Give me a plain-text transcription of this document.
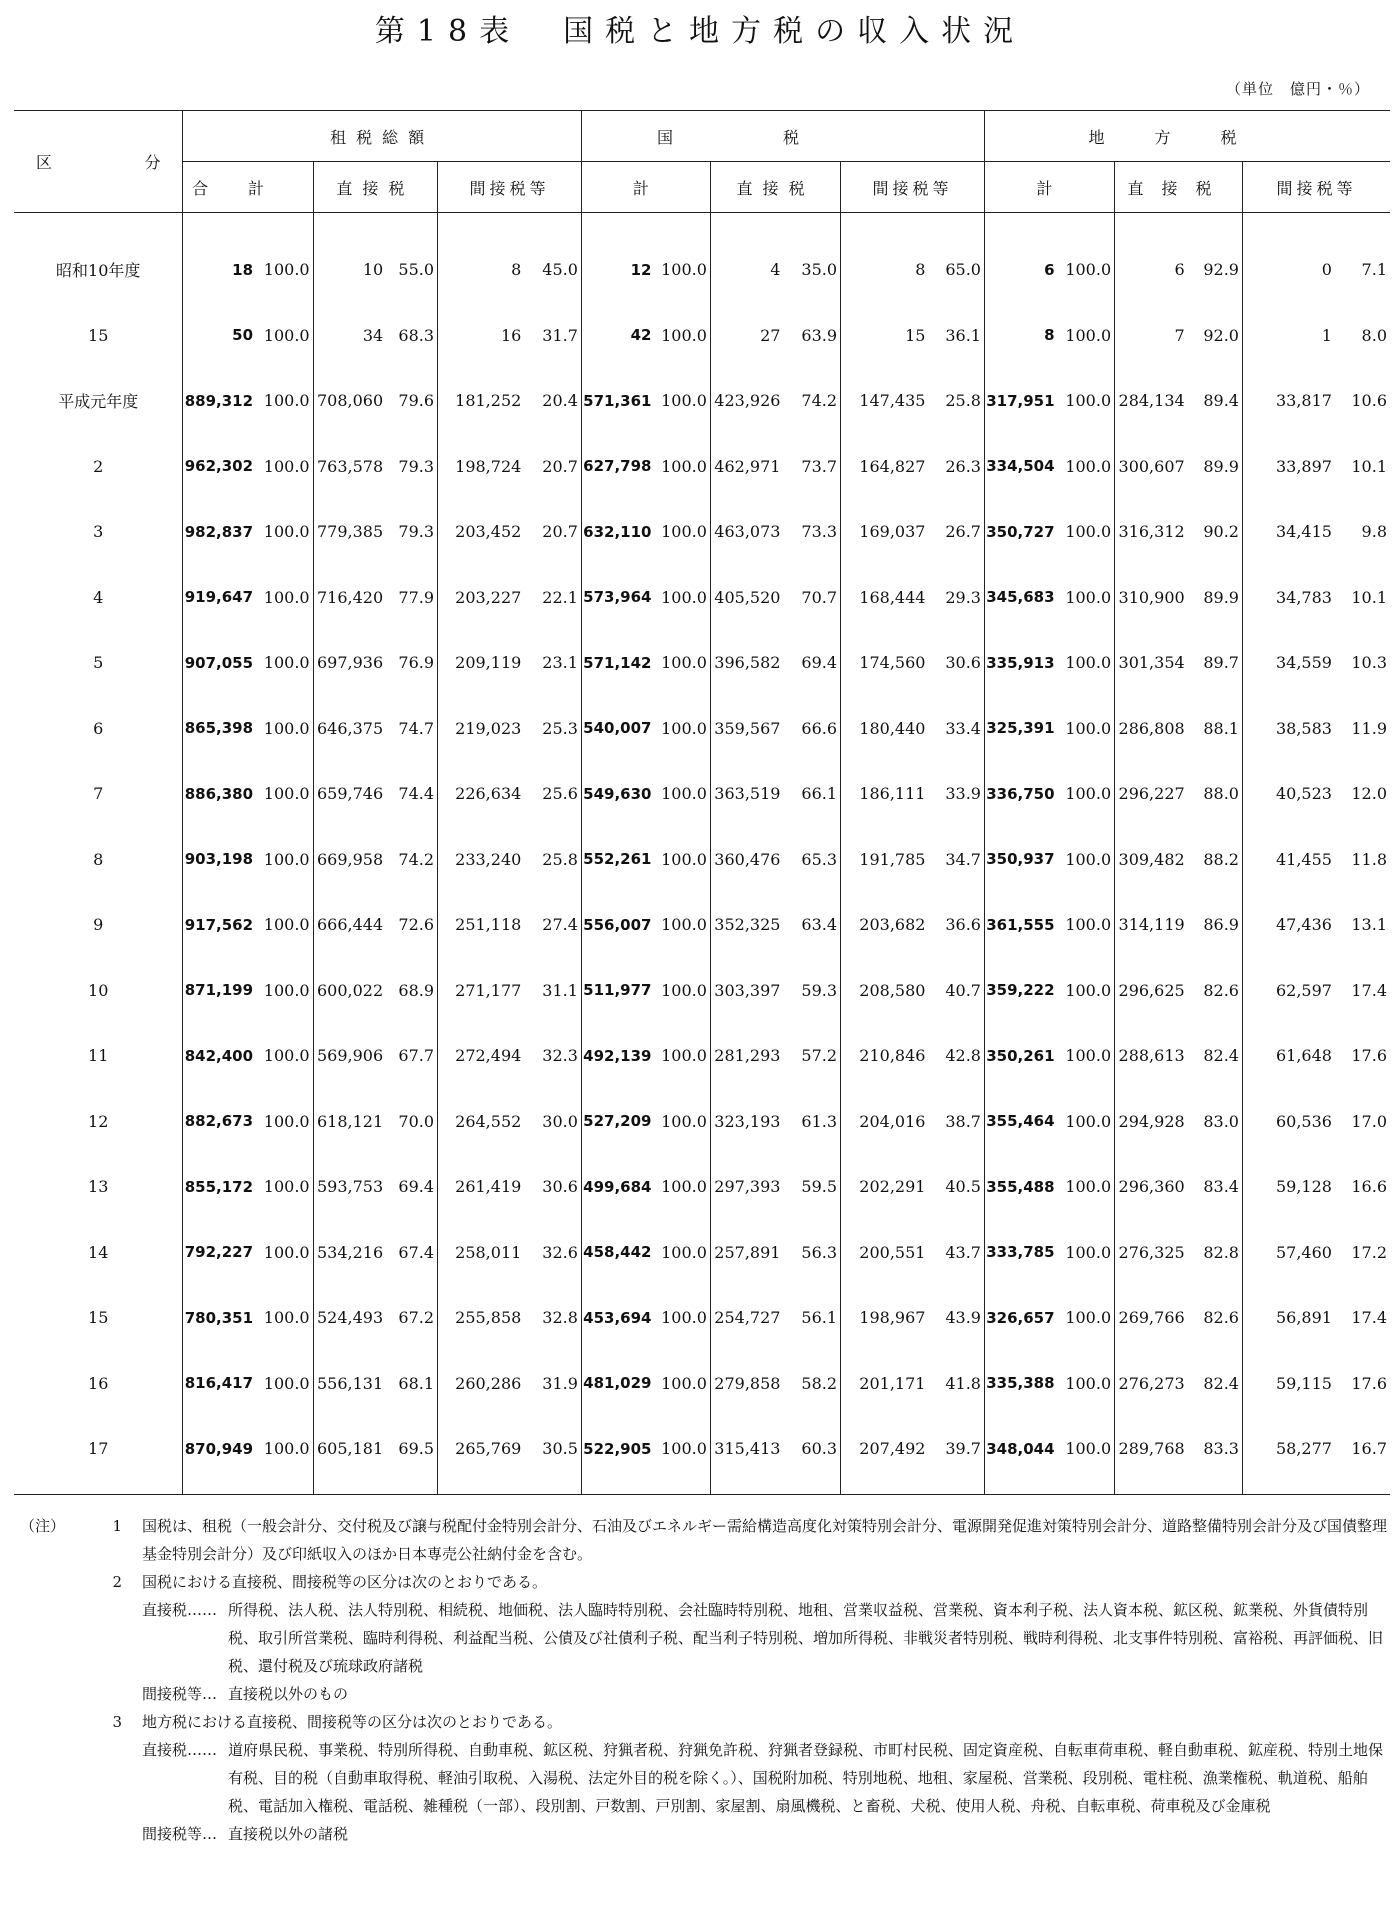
第18表　国税と地方税の収入状況
（単位　億円・％）
区 分	租税総額						国税						地方税					
	合計		直接税		間接税等		計		直接税		間接税等		計		直接税		間接税等	
昭和10年度	18	100.0	10	55.0	8	45.0	12	100.0	4	35.0	8	65.0	6	100.0	6	92.9	0	7.1
15	50	100.0	34	68.3	16	31.7	42	100.0	27	63.9	15	36.1	8	100.0	7	92.0	1	8.0
平成元年度	889,312	100.0	708,060	79.6	181,252	20.4	571,361	100.0	423,926	74.2	147,435	25.8	317,951	100.0	284,134	89.4	33,817	10.6
2	962,302	100.0	763,578	79.3	198,724	20.7	627,798	100.0	462,971	73.7	164,827	26.3	334,504	100.0	300,607	89.9	33,897	10.1
3	982,837	100.0	779,385	79.3	203,452	20.7	632,110	100.0	463,073	73.3	169,037	26.7	350,727	100.0	316,312	90.2	34,415	9.8
4	919,647	100.0	716,420	77.9	203,227	22.1	573,964	100.0	405,520	70.7	168,444	29.3	345,683	100.0	310,900	89.9	34,783	10.1
5	907,055	100.0	697,936	76.9	209,119	23.1	571,142	100.0	396,582	69.4	174,560	30.6	335,913	100.0	301,354	89.7	34,559	10.3
6	865,398	100.0	646,375	74.7	219,023	25.3	540,007	100.0	359,567	66.6	180,440	33.4	325,391	100.0	286,808	88.1	38,583	11.9
7	886,380	100.0	659,746	74.4	226,634	25.6	549,630	100.0	363,519	66.1	186,111	33.9	336,750	100.0	296,227	88.0	40,523	12.0
8	903,198	100.0	669,958	74.2	233,240	25.8	552,261	100.0	360,476	65.3	191,785	34.7	350,937	100.0	309,482	88.2	41,455	11.8
9	917,562	100.0	666,444	72.6	251,118	27.4	556,007	100.0	352,325	63.4	203,682	36.6	361,555	100.0	314,119	86.9	47,436	13.1
10	871,199	100.0	600,022	68.9	271,177	31.1	511,977	100.0	303,397	59.3	208,580	40.7	359,222	100.0	296,625	82.6	62,597	17.4
11	842,400	100.0	569,906	67.7	272,494	32.3	492,139	100.0	281,293	57.2	210,846	42.8	350,261	100.0	288,613	82.4	61,648	17.6
12	882,673	100.0	618,121	70.0	264,552	30.0	527,209	100.0	323,193	61.3	204,016	38.7	355,464	100.0	294,928	83.0	60,536	17.0
13	855,172	100.0	593,753	69.4	261,419	30.6	499,684	100.0	297,393	59.5	202,291	40.5	355,488	100.0	296,360	83.4	59,128	16.6
14	792,227	100.0	534,216	67.4	258,011	32.6	458,442	100.0	257,891	56.3	200,551	43.7	333,785	100.0	276,325	82.8	57,460	17.2
15	780,351	100.0	524,493	67.2	255,858	32.8	453,694	100.0	254,727	56.1	198,967	43.9	326,657	100.0	269,766	82.6	56,891	17.4
16	816,417	100.0	556,131	68.1	260,286	31.9	481,029	100.0	279,858	58.2	201,171	41.8	335,388	100.0	276,273	82.4	59,115	17.6
17	870,949	100.0	605,181	69.5	265,769	30.5	522,905	100.0	315,413	60.3	207,492	39.7	348,044	100.0	289,768	83.3	58,277	16.7
（注）	1	国税は、租税（一般会計分、交付税及び譲与税配付金特別会計分、石油及びエネルギー需給構造高度化対策特別会計分、電源開発促進対策特別会計分、道路整備特別会計分及び国債整理基金特別会計分）及び印紙収入のほか日本専売公社納付金を含む。
2	国税における直接税、間接税等の区分は次のとおりである。
直接税…… 所得税、法人税、法人特別税、相続税、地価税、法人臨時特別税、会社臨時特別税、地租、営業収益税、営業税、資本利子税、法人資本税、鉱区税、鉱業税、外貨債特別税、取引所営業税、臨時利得税、利益配当税、公債及び社債利子税、配当利子特別税、増加所得税、非戦災者特別税、戦時利得税、北支事件特別税、富裕税、再評価税、旧税、還付税及び琉球政府諸税
間接税等… 直接税以外のもの
3	地方税における直接税、間接税等の区分は次のとおりである。
直接税…… 道府県民税、事業税、特別所得税、自動車税、鉱区税、狩猟者税、狩猟免許税、狩猟者登録税、市町村民税、固定資産税、自転車荷車税、軽自動車税、鉱産税、特別土地保有税、目的税（自動車取得税、軽油引取税、入湯税、法定外目的税を除く。）、国税附加税、特別地税、地租、家屋税、営業税、段別税、電柱税、漁業権税、軌道税、船舶税、電話加入権税、電話税、雑種税（一部）、段別割、戸数割、戸別割、家屋割、扇風機税、と畜税、犬税、使用人税、舟税、自転車税、荷車税及び金庫税
間接税等… 直接税以外の諸税
